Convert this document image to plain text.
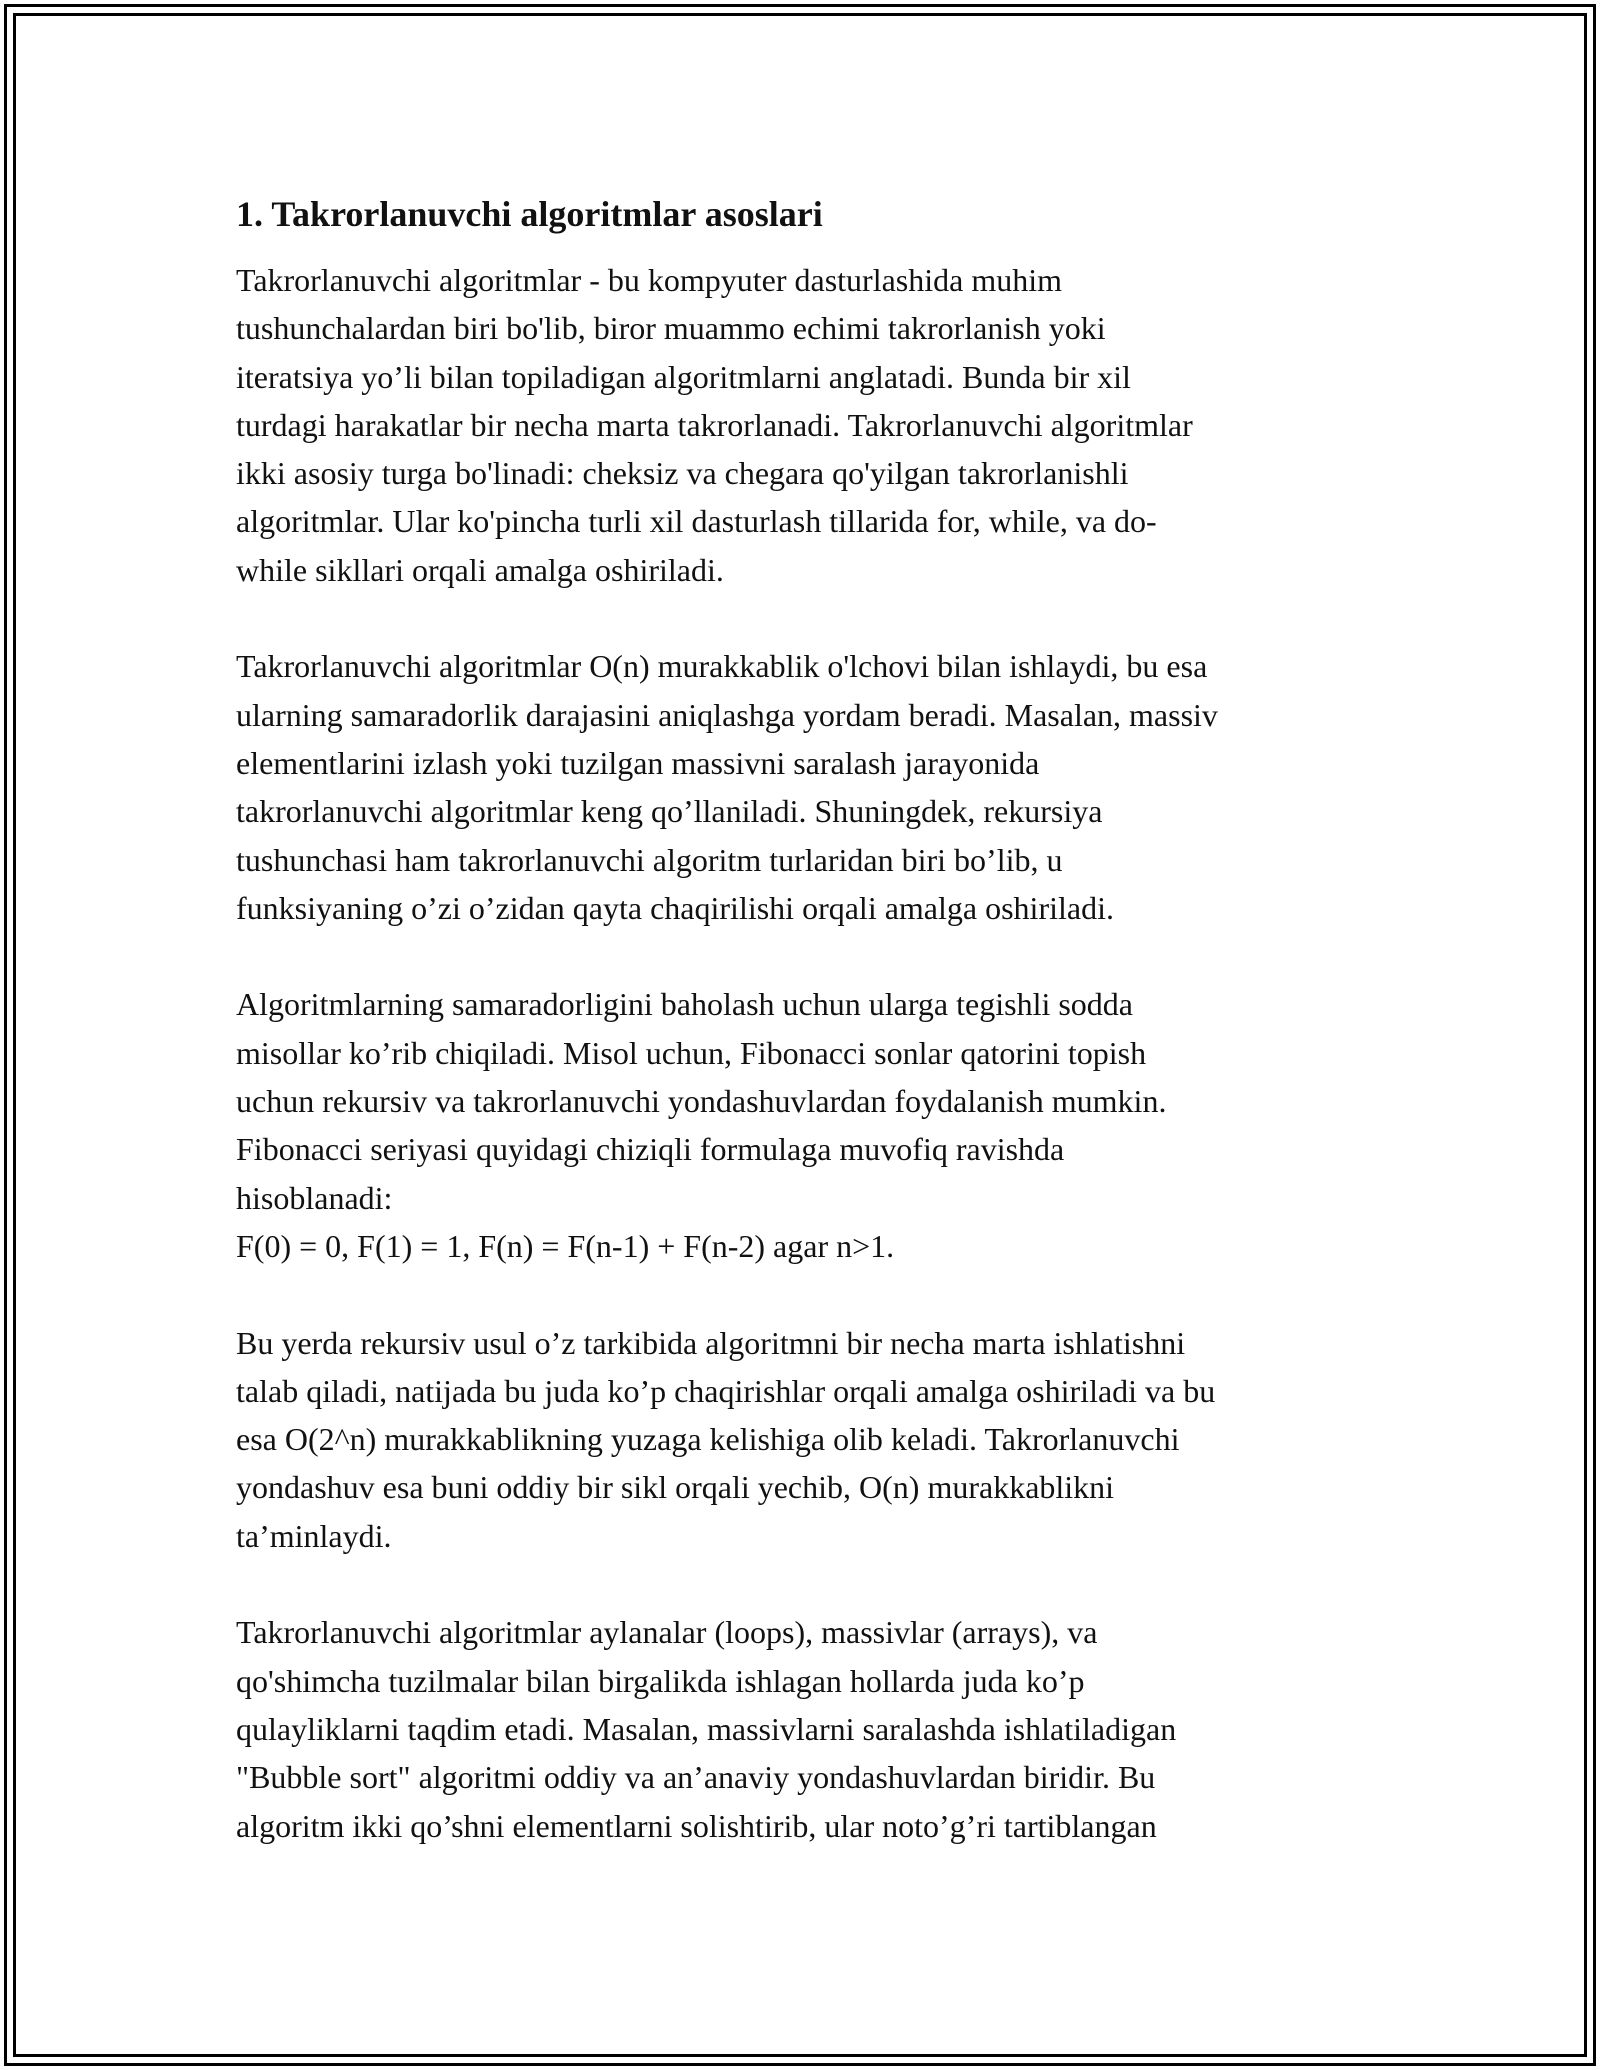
1. Takrorlanuvchi algoritmlar asoslari
Takrorlanuvchi algoritmlar - bu kompyuter dasturlashida muhim
tushunchalardan biri bo'lib, biror muammo echimi takrorlanish yoki
iteratsiya yo’li bilan topiladigan algoritmlarni anglatadi. Bunda bir xil
turdagi harakatlar bir necha marta takrorlanadi. Takrorlanuvchi algoritmlar
ikki asosiy turga bo'linadi: cheksiz va chegara qo'yilgan takrorlanishli
algoritmlar. Ular ko'pincha turli xil dasturlash tillarida for, while, va do-
while sikllari orqali amalga oshiriladi.
Takrorlanuvchi algoritmlar O(n) murakkablik o'lchovi bilan ishlaydi, bu esa
ularning samaradorlik darajasini aniqlashga yordam beradi. Masalan, massiv
elementlarini izlash yoki tuzilgan massivni saralash jarayonida
takrorlanuvchi algoritmlar keng qo’llaniladi. Shuningdek, rekursiya
tushunchasi ham takrorlanuvchi algoritm turlaridan biri bo’lib, u
funksiyaning o’zi o’zidan qayta chaqirilishi orqali amalga oshiriladi.
Algoritmlarning samaradorligini baholash uchun ularga tegishli sodda
misollar ko’rib chiqiladi. Misol uchun, Fibonacci sonlar qatorini topish
uchun rekursiv va takrorlanuvchi yondashuvlardan foydalanish mumkin.
Fibonacci seriyasi quyidagi chiziqli formulaga muvofiq ravishda
hisoblanadi:
F(0) = 0, F(1) = 1, F(n) = F(n-1) + F(n-2) agar n>1.
Bu yerda rekursiv usul o’z tarkibida algoritmni bir necha marta ishlatishni
talab qiladi, natijada bu juda ko’p chaqirishlar orqali amalga oshiriladi va bu
esa O(2^n) murakkablikning yuzaga kelishiga olib keladi. Takrorlanuvchi
yondashuv esa buni oddiy bir sikl orqali yechib, O(n) murakkablikni
ta’minlaydi.
Takrorlanuvchi algoritmlar aylanalar (loops), massivlar (arrays), va
qo'shimcha tuzilmalar bilan birgalikda ishlagan hollarda juda ko’p
qulayliklarni taqdim etadi. Masalan, massivlarni saralashda ishlatiladigan
"Bubble sort" algoritmi oddiy va an’anaviy yondashuvlardan biridir. Bu
algoritm ikki qo’shni elementlarni solishtirib, ular noto’g’ri tartiblangan
